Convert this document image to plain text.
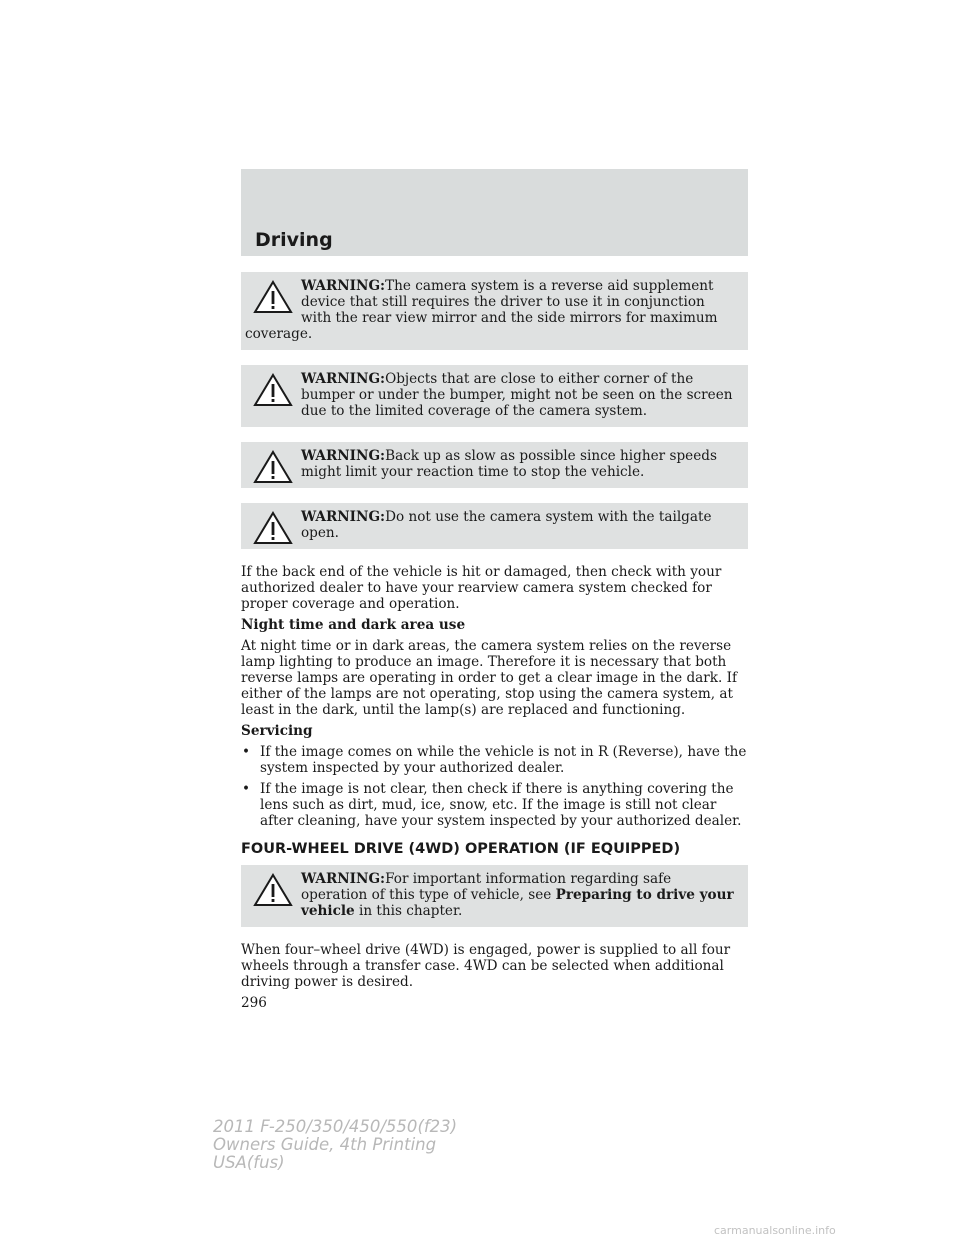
Driving
WARNING:The camera system is a reverse aid supplement device that still requires the driver to use it in conjunction with the rear view mirror and the side mirrors for maximum coverage.
WARNING:Objects that are close to either corner of the bumper or under the bumper, might not be seen on the screen due to the limited coverage of the camera system.
WARNING:Back up as slow as possible since higher speeds might limit your reaction time to stop the vehicle.
WARNING:Do not use the camera system with the tailgate open.

If the back end of the vehicle is hit or damaged, then check with your authorized dealer to have your rearview camera system checked for proper coverage and operation.

Night time and dark area use

At night time or in dark areas, the camera system relies on the reverse lamp lighting to produce an image. Therefore it is necessary that both reverse lamps are operating in order to get a clear image in the dark. If either of the lamps are not operating, stop using the camera system, at least in the dark, until the lamp(s) are replaced and functioning.

Servicing

• If the image comes on while the vehicle is not in R (Reverse), have the system inspected by your authorized dealer.
• If the image is not clear, then check if there is anything covering the lens such as dirt, mud, ice, snow, etc. If the image is still not clear after cleaning, have your system inspected by your authorized dealer.
FOUR-WHEEL DRIVE (4WD) OPERATION (IF EQUIPPED)
WARNING:For important information regarding safe operation of this type of vehicle, see Preparing to drive your vehicle in this chapter.

When four–wheel drive (4WD) is engaged, power is supplied to all four wheels through a transfer case. 4WD can be selected when additional driving power is desired.

296
2011 F-250/350/450/550(f23)
Owners Guide, 4th Printing
USA(fus)
carmanualsonline.info
